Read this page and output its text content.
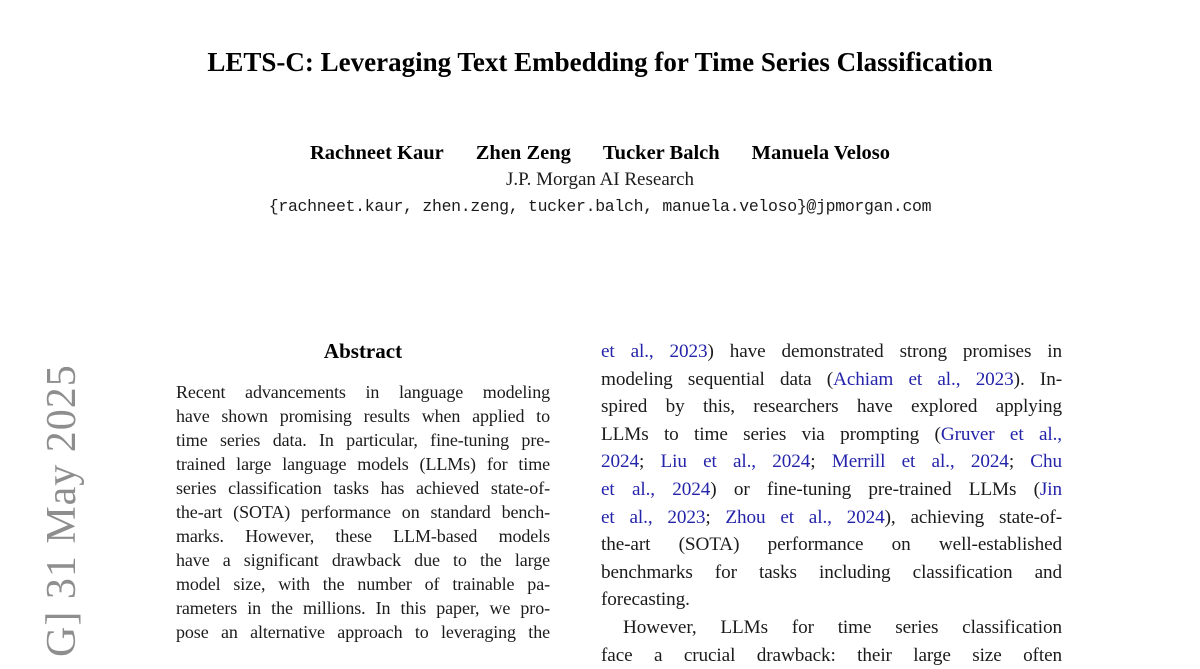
G] 31 May 2025
LETS-C: Leveraging Text Embedding for Time Series Classification
Rachneet Kaur Zhen Zeng Tucker Balch Manuela Veloso
J.P. Morgan AI Research
{rachneet.kaur, zhen.zeng, tucker.balch, manuela.veloso}@jpmorgan.com
Abstract
Recent advancements in language modeling
have shown promising results when applied to
time series data. In particular, fine-tuning pre-
trained large language models (LLMs) for time
series classification tasks has achieved state-of-
the-art (SOTA) performance on standard bench-
marks. However, these LLM-based models
have a significant drawback due to the large
model size, with the number of trainable pa-
rameters in the millions. In this paper, we pro-
pose an alternative approach to leveraging the
et al., 2023) have demonstrated strong promises in
modeling sequential data (Achiam et al., 2023). In-
spired by this, researchers have explored applying
LLMs to time series via prompting (Gruver et al.,
2024; Liu et al., 2024; Merrill et al., 2024; Chu
et al., 2024) or fine-tuning pre-trained LLMs (Jin
et al., 2023; Zhou et al., 2024), achieving state-of-
the-art (SOTA) performance on well-established
benchmarks for tasks including classification and
forecasting.
However, LLMs for time series classification
face a crucial drawback: their large size often
